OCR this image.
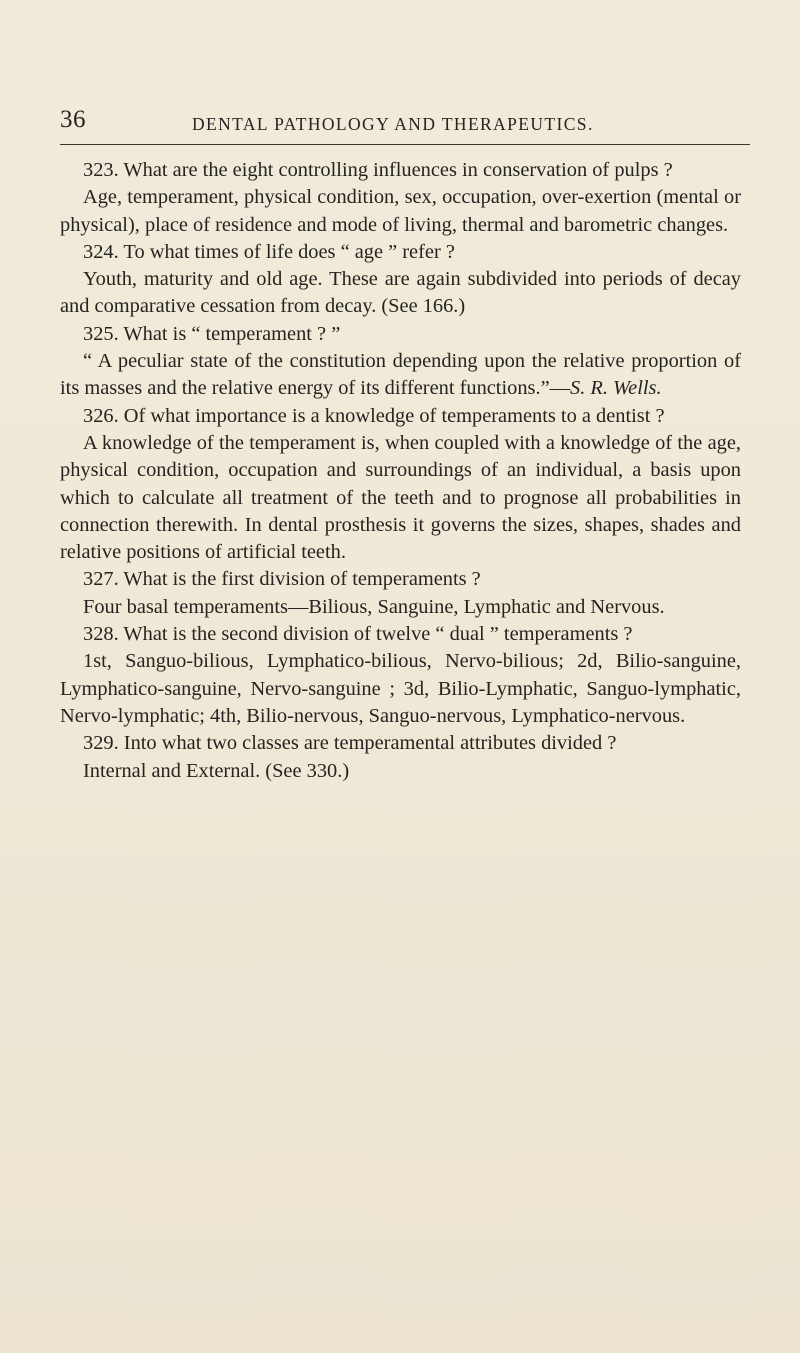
36	DENTAL PATHOLOGY AND THERAPEUTICS.

323. What are the eight controlling influences in conservation of pulps ?

Age, temperament, physical condition, sex, occupation, over-exertion (mental or physical), place of residence and mode of living, thermal and barometric changes.

324. To what times of life does “ age ” refer ?

Youth, maturity and old age. These are again subdivided into periods of decay and comparative cessation from decay. (See 166.)

325. What is “ temperament ? ”

“ A peculiar state of the constitution depending upon the relative proportion of its masses and the relative energy of its different functions.”—S. R. Wells.

326. Of what importance is a knowledge of temperaments to a dentist ?

A knowledge of the temperament is, when coupled with a knowledge of the age, physical condition, occupation and surroundings of an individual, a basis upon which to calculate all treatment of the teeth and to prognose all probabilities in connection therewith. In dental prosthesis it governs the sizes, shapes, shades and relative positions of artificial teeth.

327. What is the first division of temperaments ?

Four basal temperaments—Bilious, Sanguine, Lymphatic and Nervous.

328. What is the second division of twelve “ dual ” temperaments ?

1st, Sanguo-bilious, Lymphatico-bilious, Nervo-bilious; 2d, Bilio-sanguine, Lymphatico-sanguine, Nervo-sanguine ; 3d, Bilio-Lymphatic, Sanguo-lymphatic, Nervo-lymphatic; 4th, Bilio-nervous, Sanguo-nervous, Lymphatico-nervous.

329. Into what two classes are temperamental attributes divided ?

Internal and External. (See 330.)
